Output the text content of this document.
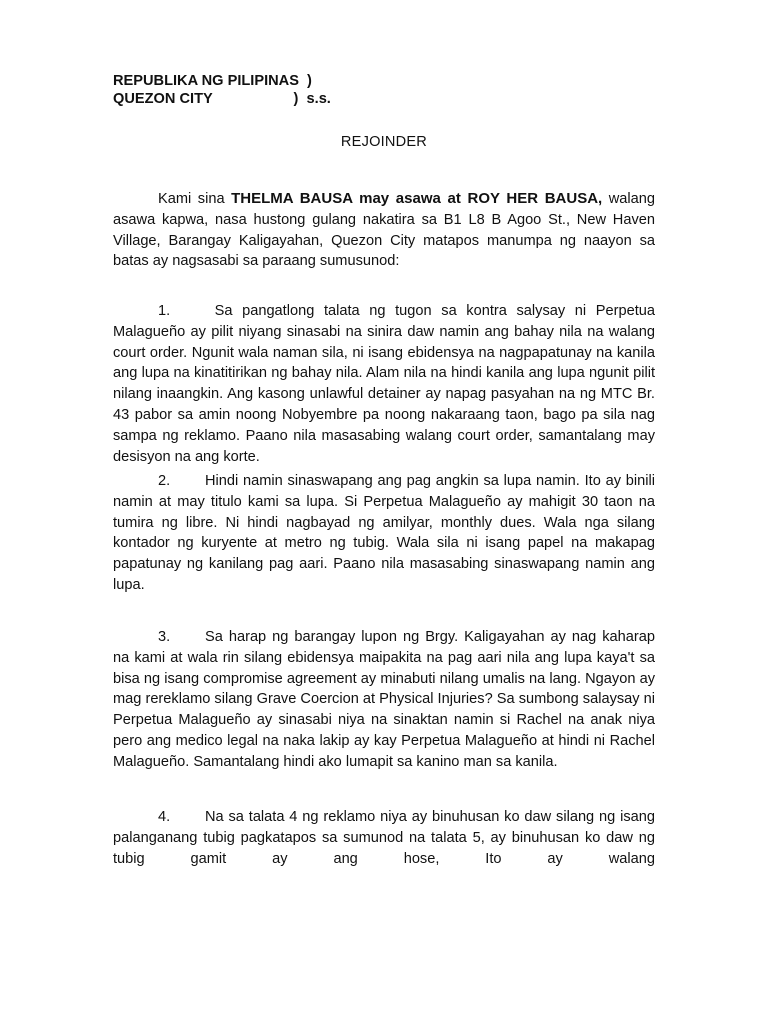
REPUBLIKA NG PILIPINAS  )
QUEZON CITY                    )  s.s.
REJOINDER
Kami sina THELMA BAUSA may asawa at ROY HER BAUSA, walang asawa kapwa, nasa hustong gulang nakatira sa B1 L8 B Agoo St., New Haven Village, Barangay Kaligayahan, Quezon City matapos manumpa ng naayon sa batas ay nagsasabi sa paraang sumusunod:
1. Sa pangatlong talata ng tugon sa kontra salysay ni Perpetua Malagueño ay pilit niyang sinasabi na sinira daw namin ang bahay nila na walang court order. Ngunit wala naman sila, ni isang ebidensya na nagpapatunay na kanila ang lupa na kinatitirikan ng bahay nila. Alam nila na hindi kanila ang lupa ngunit pilit nilang inaangkin. Ang kasong unlawful detainer ay napag pasyahan na ng MTC Br. 43 pabor sa amin noong Nobyembre pa noong nakaraang taon, bago pa sila nag sampa ng reklamo. Paano nila masasabing walang court order, samantalang may desisyon na ang korte.
2. Hindi namin sinaswapang ang pag angkin sa lupa namin. Ito ay binili namin at may titulo kami sa lupa. Si Perpetua Malagueño ay mahigit 30 taon na tumira ng libre. Ni hindi nagbayad ng amilyar, monthly dues. Wala nga silang kontador ng kuryente at metro ng tubig. Wala sila ni isang papel na makapag papatunay ng kanilang pag aari. Paano nila masasabing sinaswapang namin ang lupa.
3. Sa harap ng barangay lupon ng Brgy. Kaligayahan ay nag kaharap na kami at wala rin silang ebidensya maipakita na pag aari nila ang lupa kaya't sa bisa ng isang compromise agreement ay minabuti nilang umalis na lang. Ngayon ay mag rereklamo silang Grave Coercion at Physical Injuries? Sa sumbong salaysay ni Perpetua Malagueño ay sinasabi niya na sinaktan namin si Rachel na anak niya pero ang medico legal na naka lakip ay kay Perpetua Malagueño at hindi ni Rachel Malagueño. Samantalang hindi ako lumapit sa kanino man sa kanila.
4. Na sa talata 4 ng reklamo niya ay binuhusan ko daw silang ng isang palanganang tubig pagkatapos sa sumunod na talata 5, ay binuhusan ko daw ng tubig gamit ay ang hose, Ito ay walang
